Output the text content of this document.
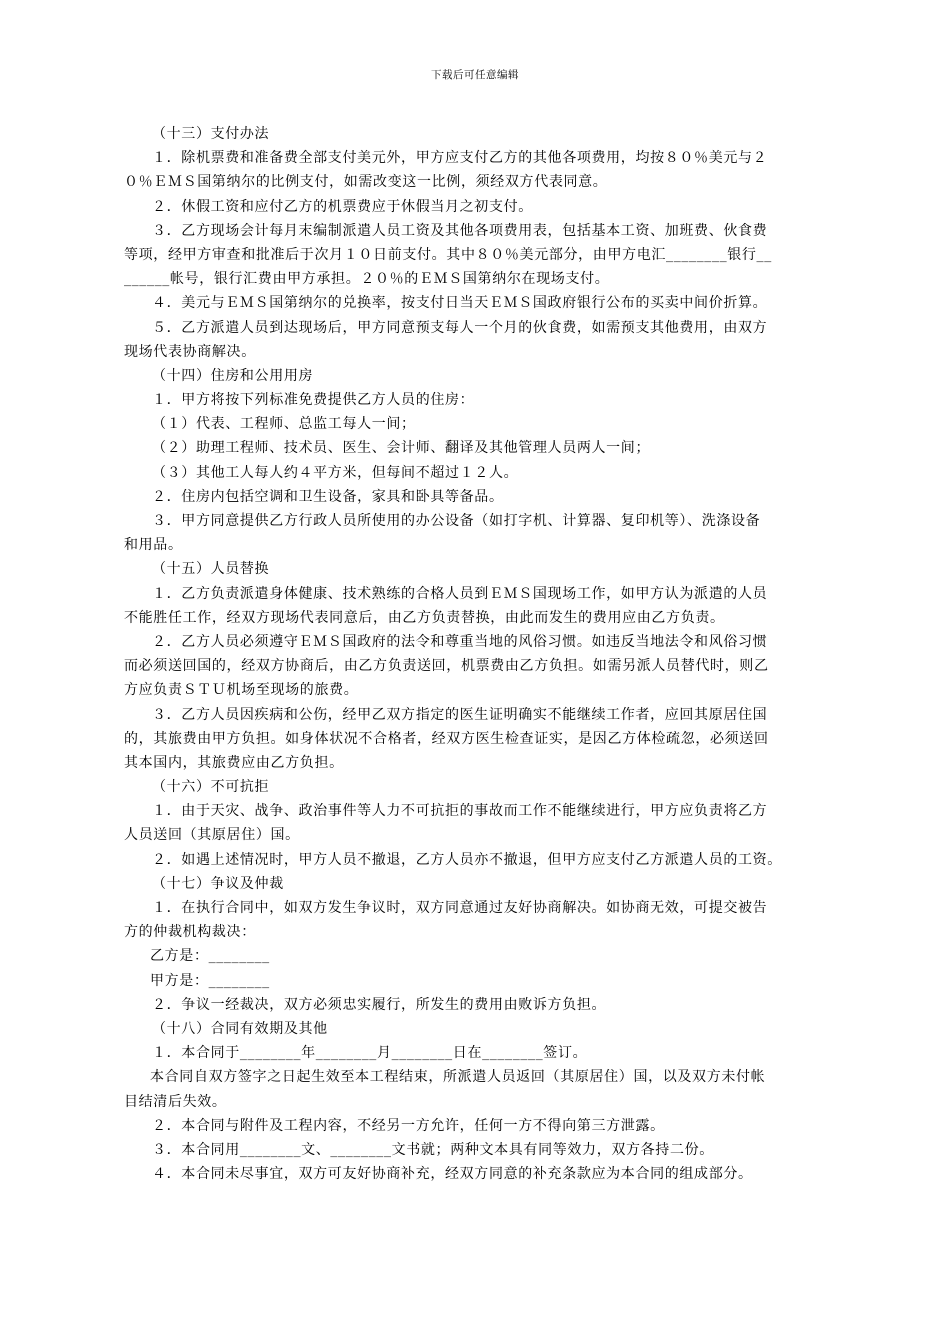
下载后可任意编辑
（十三）支付办法
１．除机票费和准备费全部支付美元外，甲方应支付乙方的其他各项费用，均按８０％美元与２
０％ＥＭＳ国第纳尔的比例支付，如需改变这一比例，须经双方代表同意。
２．休假工资和应付乙方的机票费应于休假当月之初支付。
３．乙方现场会计每月末编制派遣人员工资及其他各项费用表，包括基本工资、加班费、伙食费
等项，经甲方审查和批准后于次月１０日前支付。其中８０％美元部分，由甲方电汇________银行__
______帐号，银行汇费由甲方承担。２０％的ＥＭＳ国第纳尔在现场支付。
４．美元与ＥＭＳ国第纳尔的兑换率，按支付日当天ＥＭＳ国政府银行公布的买卖中间价折算。
５．乙方派遣人员到达现场后，甲方同意预支每人一个月的伙食费，如需预支其他费用，由双方
现场代表协商解决。
（十四）住房和公用用房
１．甲方将按下列标准免费提供乙方人员的住房：
（１）代表、工程师、总监工每人一间；
（２）助理工程师、技术员、医生、会计师、翻译及其他管理人员两人一间；
（３）其他工人每人约４平方米，但每间不超过１２人。
２．住房内包括空调和卫生设备，家具和卧具等备品。
３．甲方同意提供乙方行政人员所使用的办公设备（如打字机、计算器、复印机等）、洗涤设备
和用品。
（十五）人员替换
１．乙方负责派遣身体健康、技术熟练的合格人员到ＥＭＳ国现场工作，如甲方认为派遣的人员
不能胜任工作，经双方现场代表同意后，由乙方负责替换，由此而发生的费用应由乙方负责。
２．乙方人员必须遵守ＥＭＳ国政府的法令和尊重当地的风俗习惯。如违反当地法令和风俗习惯
而必须送回国的，经双方协商后，由乙方负责送回，机票费由乙方负担。如需另派人员替代时，则乙
方应负责ＳＴＵ机场至现场的旅费。
３．乙方人员因疾病和公伤，经甲乙双方指定的医生证明确实不能继续工作者，应回其原居住国
的，其旅费由甲方负担。如身体状况不合格者，经双方医生检查证实，是因乙方体检疏忽，必须送回
其本国内，其旅费应由乙方负担。
（十六）不可抗拒
１．由于天灾、战争、政治事件等人力不可抗拒的事故而工作不能继续进行，甲方应负责将乙方
人员送回（其原居住）国。
２．如遇上述情况时，甲方人员不撤退，乙方人员亦不撤退，但甲方应支付乙方派遣人员的工资。
（十七）争议及仲裁
１．在执行合同中，如双方发生争议时，双方同意通过友好协商解决。如协商无效，可提交被告
方的仲裁机构裁决：
乙方是：________
甲方是：________
２．争议一经裁决，双方必须忠实履行，所发生的费用由败诉方负担。
（十八）合同有效期及其他
１．本合同于________年________月________日在________签订。
本合同自双方签字之日起生效至本工程结束，所派遣人员返回（其原居住）国，以及双方未付帐
目结清后失效。
２．本合同与附件及工程内容，不经另一方允许，任何一方不得向第三方泄露。
３．本合同用________文、________文书就；两种文本具有同等效力，双方各持二份。
４．本合同未尽事宜，双方可友好协商补充，经双方同意的补充条款应为本合同的组成部分。
